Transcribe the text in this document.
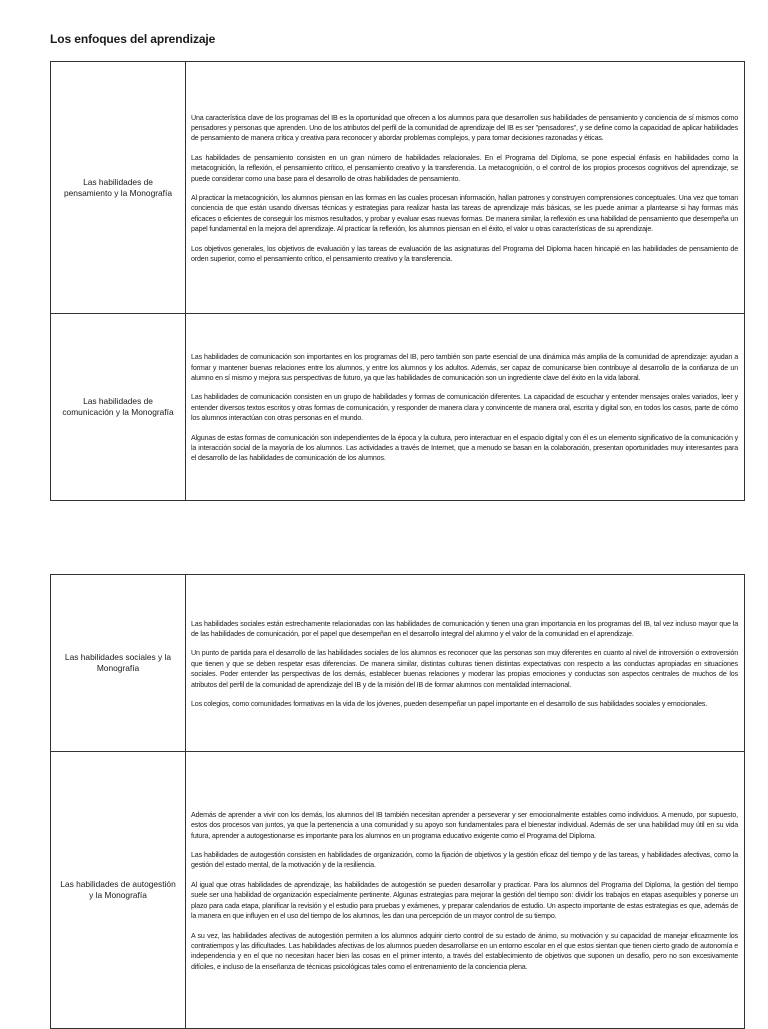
Los enfoques del aprendizaje
Las habilidades de pensamiento y la Monografía	Una característica clave de los programas del IB es la oportunidad que ofrecen a los alumnos para que desarrollen sus habilidades de pensamiento y conciencia de sí mismos como pensadores y personas que aprenden. Uno de los atributos del perfil de la comunidad de aprendizaje del IB es ser "pensadores", y se define como la capacidad de aplicar habilidades de pensamiento de manera crítica y creativa para reconocer y abordar problemas complejos, y para tomar decisiones razonadas y éticas.

Las habilidades de pensamiento consisten en un gran número de habilidades relacionales. En el Programa del Diploma, se pone especial énfasis en habilidades como la metacognición, la reflexión, el pensamiento crítico, el pensamiento creativo y la transferencia. La metacognición, o el control de los propios procesos cognitivos del aprendizaje, se puede considerar como una base para el desarrollo de otras habilidades de pensamiento.

Al practicar la metacognición, los alumnos piensan en las formas en las cuales procesan información, hallan patrones y construyen comprensiones conceptuales. Una vez que toman conciencia de que están usando diversas técnicas y estrategias para realizar hasta las tareas de aprendizaje más básicas, se les puede animar a plantearse si hay formas más eficaces o eficientes de conseguir los mismos resultados, y probar y evaluar esas nuevas formas. De manera similar, la reflexión es una habilidad de pensamiento que desempeña un papel fundamental en la mejora del aprendizaje. Al practicar la reflexión, los alumnos piensan en el éxito, el valor u otras características de su aprendizaje.

Los objetivos generales, los objetivos de evaluación y las tareas de evaluación de las asignaturas del Programa del Diploma hacen hincapié en las habilidades de pensamiento de orden superior, como el pensamiento crítico, el pensamiento creativo y la transferencia.

Las habilidades de comunicación y la Monografía	Las habilidades de comunicación son importantes en los programas del IB, pero también son parte esencial de una dinámica más amplia de la comunidad de aprendizaje: ayudan a formar y mantener buenas relaciones entre los alumnos, y entre los alumnos y los adultos. Además, ser capaz de comunicarse bien contribuye al desarrollo de la confianza de un alumno en sí mismo y mejora sus perspectivas de futuro, ya que las habilidades de comunicación son un ingrediente clave del éxito en la vida laboral.

Las habilidades de comunicación consisten en un grupo de habilidades y formas de comunicación diferentes. La capacidad de escuchar y entender mensajes orales variados, leer y entender diversos textos escritos y otras formas de comunicación, y responder de manera clara y convincente de manera oral, escrita y digital son, en todos los casos, parte de cómo los alumnos interactúan con otras personas en el mundo.

Algunas de estas formas de comunicación son independientes de la época y la cultura, pero interactuar en el espacio digital y con él es un elemento significativo de la comunicación y la interacción social de la mayoría de los alumnos. Las actividades a través de Internet, que a menudo se basan en la colaboración, presentan oportunidades muy interesantes para el desarrollo de las habilidades de comunicación de los alumnos.

Las habilidades sociales y la Monografía	Las habilidades sociales están estrechamente relacionadas con las habilidades de comunicación y tienen una gran importancia en los programas del IB, tal vez incluso mayor que la de las habilidades de comunicación, por el papel que desempeñan en el desarrollo integral del alumno y el valor de la comunidad en el aprendizaje.

Un punto de partida para el desarrollo de las habilidades sociales de los alumnos es reconocer que las personas son muy diferentes en cuanto al nivel de introversión o extroversión que tienen y que se deben respetar esas diferencias. De manera similar, distintas culturas tienen distintas expectativas con respecto a las conductas apropiadas en situaciones sociales. Poder entender las perspectivas de los demás, establecer buenas relaciones y moderar las propias emociones y conductas son aspectos centrales de muchos de los atributos del perfil de la comunidad de aprendizaje del IB y de la misión del IB de formar alumnos con mentalidad internacional.

Los colegios, como comunidades formativas en la vida de los jóvenes, pueden desempeñar un papel importante en el desarrollo de sus habilidades sociales y emocionales.

Las habilidades de autogestión y la Monografía	Además de aprender a vivir con los demás, los alumnos del IB también necesitan aprender a perseverar y ser emocionalmente estables como individuos. A menudo, por supuesto, estos dos procesos van juntos, ya que la pertenencia a una comunidad y su apoyo son fundamentales para el bienestar individual. Además de ser una habilidad muy útil en su vida futura, aprender a autogestionarse es importante para los alumnos en un programa educativo exigente como el Programa del Diploma.

Las habilidades de autogestión consisten en habilidades de organización, como la fijación de objetivos y la gestión eficaz del tiempo y de las tareas, y habilidades afectivas, como la gestión del estado mental, de la motivación y de la resiliencia.

Al igual que otras habilidades de aprendizaje, las habilidades de autogestión se pueden desarrollar y practicar. Para los alumnos del Programa del Diploma, la gestión del tiempo suele ser una habilidad de organización especialmente pertinente. Algunas estrategias para mejorar la gestión del tiempo son: dividir los trabajos en etapas asequibles y ponerse un plazo para cada etapa, planificar la revisión y el estudio para pruebas y exámenes, y preparar calendarios de estudio. Un aspecto importante de estas estrategias es que, además de la manera en que influyen en el uso del tiempo de los alumnos, les dan una percepción de un mayor control de su tiempo.

A su vez, las habilidades afectivas de autogestión permiten a los alumnos adquirir cierto control de su estado de ánimo, su motivación y su capacidad de manejar eficazmente los contratiempos y las dificultades. Las habilidades afectivas de los alumnos pueden desarrollarse en un entorno escolar en el que estos sientan que tienen cierto grado de autonomía e independencia y en el que no necesitan hacer bien las cosas en el primer intento, a través del establecimiento de objetivos que suponen un desafío, pero no son excesivamente difíciles, e incluso de la enseñanza de técnicas psicológicas tales como el entrenamiento de la conciencia plena.
